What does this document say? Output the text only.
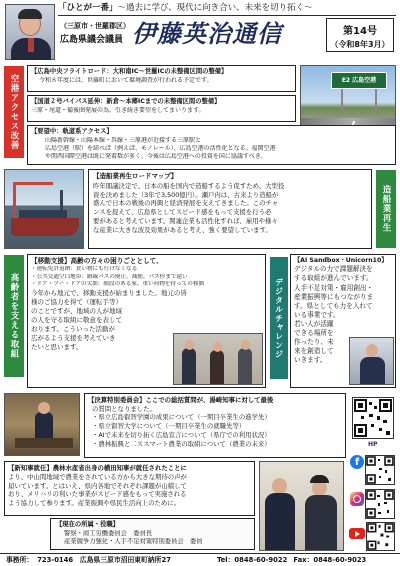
「ひとが一番」～過去に学び、現代に向き合い、未来を切り拓く～
（三原市・世羅郡区）
広島県議会議員 伊藤英治通信	第14号
（令和8年3月）
空港アクセス改善
【広島中央フライトロード：大和南IC～世羅ICの未整備区間の整備】
令和８年度には、世羅町において環境調査が行われる予定です。
【国道２号バイパス延伸：新倉～本郷ICまでの未整備区間の整備】
三原・尾道・備後圏発展の為、引き続き要望をしてまいります。
E2 広島空港
【要望中：軌道系アクセス】
山陽新幹線・山陽本線・呉線・三原港が近接する三原駅と
広島空港（駅）を結べば（例えば、モノレール）、広島空港の活性化となる。福岡空港
や関西国際空港は既に発着数が多く、今後は広島空港への投資を国に協議すべき。
【造船業再生ロードマップ】
昨年閣議決定で、日本の船を国内で造船するよう促すため、大型投
資を決めました（3年で3,500億円）。瀬戸内は、古来より造船が
盛んで日本の戦後の再興と経済発展を支えてきました。このチャ
ンスを捉えて、広島県としてスピード感をもって支援を行う必
要があると考えています。関連企業も活性化すれば、雇用や様々
な産業に大きな波及効果があると考え、強く要望しています。	造船業再生
高齢者を支える取組
【移動支援】高齢の方々の困りごととして、
・運転免許返納：買い物にも行けなくなる
・公共交通空白地帯：路線バスの廃止、減便、バス停まで遠い
・ドア・ツー・ドアの欠如：階段のある家、重い荷物を持っての移動
今年から地元で、移動支援が始まりました。地元の皆
様のご協力を得て（運転手等）
のことですが、地域の人が地域
の人を守る取組に敬意を表して
おります。こういった活動が
広がるよう支援を考えていき
たいと思います。	デジタルチャレンジ
【AI Sandbox・Unicorn10】
デジタルの力で課題解決を
する取組が進んでいます。
人手不足対策・雇用創出・
産業振興等にもつながりま
す。県としても力を入れて
いる事業です。
若い人が活躍
できる場所を
作ったり、未
来を創造して
いきます。
【決算特別委員会】ここでの総括質問が、湯崎知事に対して最後
の質問となりました。
・県立広島叡智学園の成果について（一期目卒業生の進学先）
・県立叡智大学について（一期目卒業生の就職先等）
・AIで未来を切り拓く広島宣言について（県庁での利用状況）
・農林振興と二ススマート農業の取組について（農業の未来）	HP
【新知事就任】農林水産省出身の横田知事が就任されたことに
より、中山間地域で農業をされている方から大きな期待の声が
届いています。とはいえ、県内各地でそれぞれ課題が山積して
おり、メリハリの利いた事業がスピード感をもって実施される
よう協力して参ります。産業振興や県民生活向上のために。
【現在の所属・役職】
警察・商工労働委員会　委員長
産業競争力強化・人手不足対策特別委員会　委員
f
事務所： 723-0146　広島県三原市沼田東町納所27	Tel：0848-60-9022 Fax：0848-60-9023
